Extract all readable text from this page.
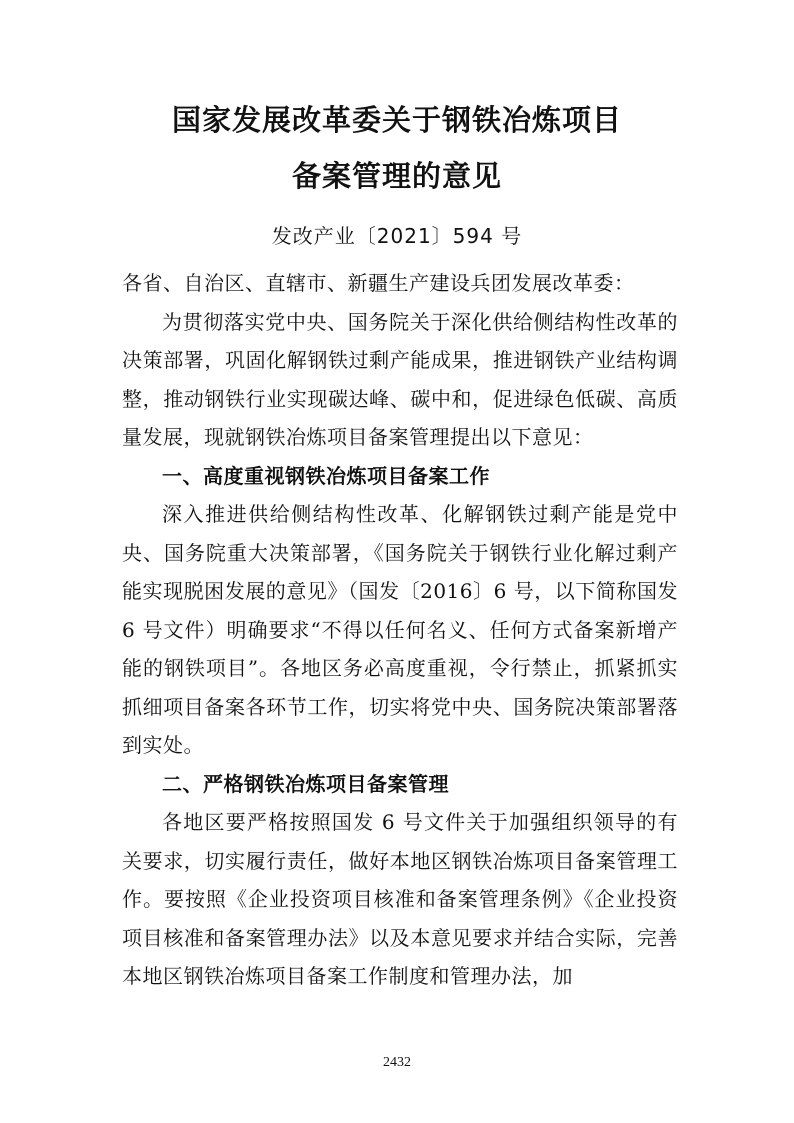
国家发展改革委关于钢铁冶炼项目
备案管理的意见
发改产业〔2021〕594 号

各省、自治区、直辖市、新疆生产建设兵团发展改革委：

为贯彻落实党中央、国务院关于深化供给侧结构性改革的决策部署，巩固化解钢铁过剩产能成果，推进钢铁产业结构调整，推动钢铁行业实现碳达峰、碳中和，促进绿色低碳、高质量发展，现就钢铁冶炼项目备案管理提出以下意见：

一、高度重视钢铁冶炼项目备案工作

深入推进供给侧结构性改革、化解钢铁过剩产能是党中央、国务院重大决策部署，《国务院关于钢铁行业化解过剩产能实现脱困发展的意见》（国发〔2016〕6 号，以下简称国发 6 号文件）明确要求“不得以任何名义、任何方式备案新增产能的钢铁项目”。各地区务必高度重视，令行禁止，抓紧抓实抓细项目备案各环节工作，切实将党中央、国务院决策部署落到实处。

二、严格钢铁冶炼项目备案管理

各地区要严格按照国发 6 号文件关于加强组织领导的有关要求，切实履行责任，做好本地区钢铁冶炼项目备案管理工作。要按照《企业投资项目核准和备案管理条例》《企业投资项目核准和备案管理办法》以及本意见要求并结合实际，完善本地区钢铁冶炼项目备案工作制度和管理办法，加

2432
